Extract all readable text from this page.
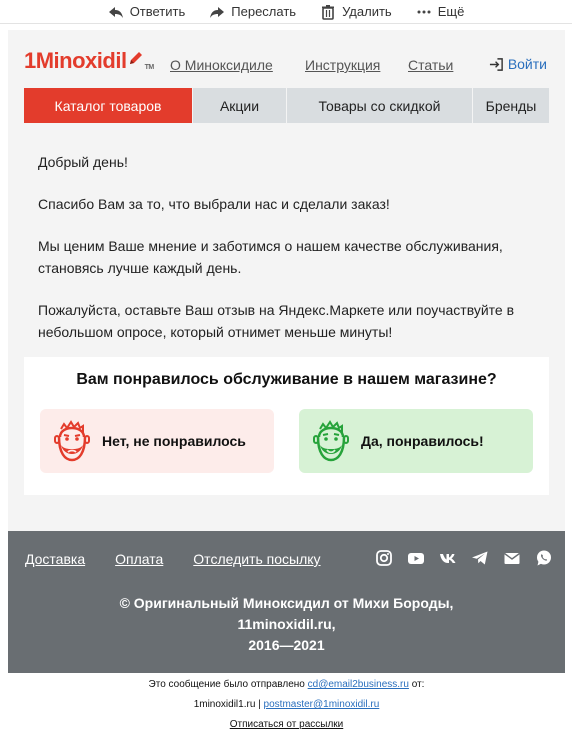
Ответить	Переслать	Удалить	Ещё
1Minoxidil	TM О Миноксидиле Инструкция Статьи	Войти
Каталог товаров	Акции	Товары со скидкой	Бренды

Добрый день!

Спасибо Вам за то, что выбрали нас и сделали заказ!

Мы ценим Ваше мнение и заботимся о нашем качестве обслуживания, становясь лучше каждый день.

Пожалуйста, оставьте Ваш отзыв на Яндекс.Маркете или поучаствуйте в небольшом опросе, который отнимет меньше минуты!

Вам понравилось обслуживание в нашем магазине?
Нет, не понравилось	Да, понравилось!
Доставка Оплата Отследить посылку
© Оригинальный Миноксидил от Михи Бороды,
11minoxidil.ru,
2016—2021
Это сообщение было отправлено cd@email2business.ru от:
1minoxidil1.ru | postmaster@1minoxidil.ru
Отписаться от рассылки
